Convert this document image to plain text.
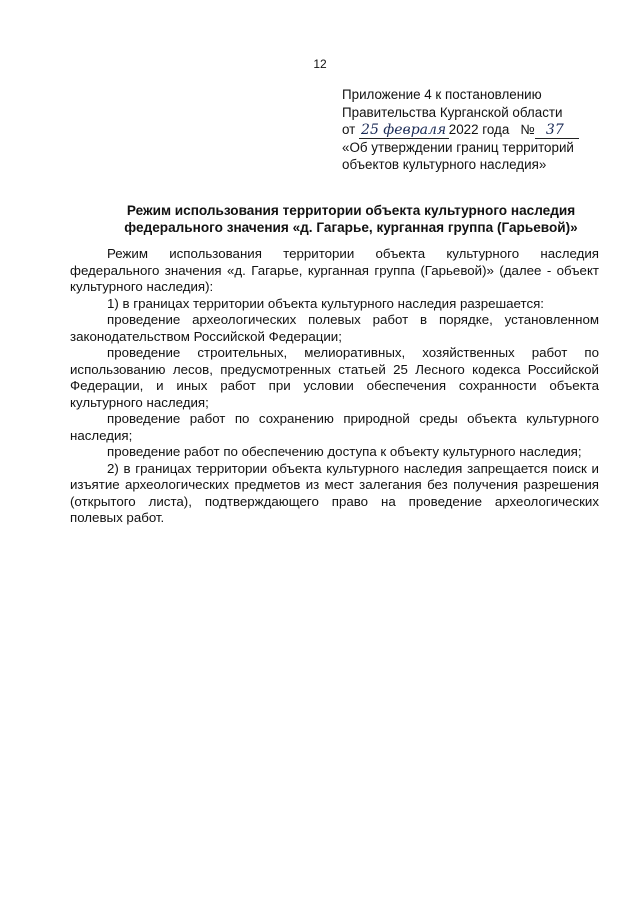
12
Приложение 4 к постановлению
Правительства Курганской области
от 25 февраля 2022 года № 37
«Об утверждении границ территорий
объектов культурного наследия»
Режим использования территории объекта культурного наследия
федерального значения «д. Гагарье, курганная группа (Гарьевой)»

Режим использования территории объекта культурного наследия федерального значения «д. Гагарье, курганная группа (Гарьевой)» (далее - объект культурного наследия):

1) в границах территории объекта культурного наследия разрешается:

проведение археологических полевых работ в порядке, установленном законодательством Российской Федерации;

проведение строительных, мелиоративных, хозяйственных работ по использованию лесов, предусмотренных статьей 25 Лесного кодекса Российской Федерации, и иных работ при условии обеспечения сохранности объекта культурного наследия;

проведение работ по сохранению природной среды объекта культурного наследия;

проведение работ по обеспечению доступа к объекту культурного наследия;

2) в границах территории объекта культурного наследия запрещается поиск и изъятие археологических предметов из мест залегания без получения разрешения (открытого листа), подтверждающего право на проведение археологических полевых работ.
